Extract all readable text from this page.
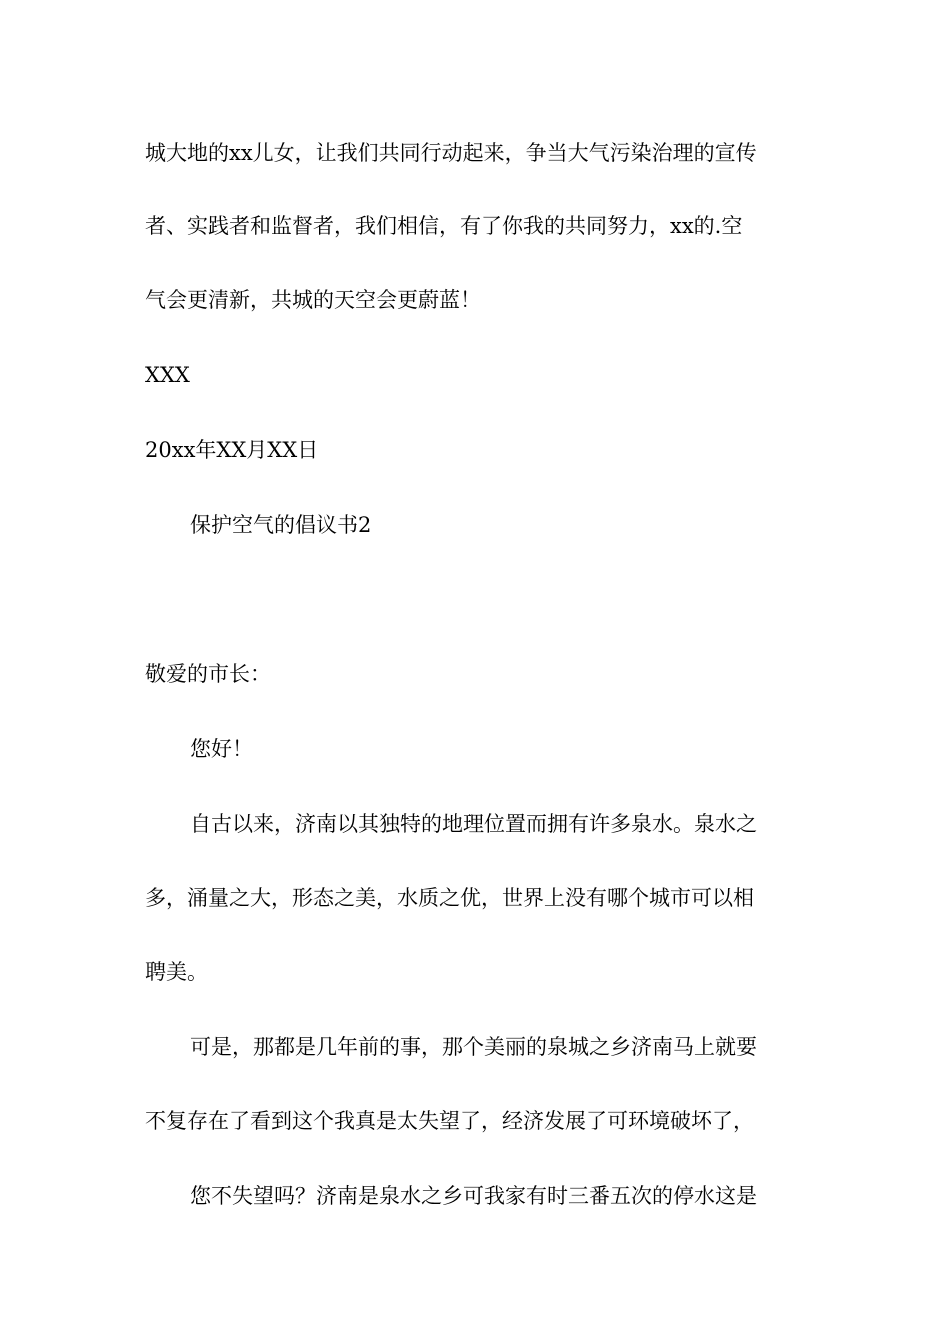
城大地的xx儿女，让我们共同行动起来，争当大气污染治理的宣传
者、实践者和监督者，我们相信，有了你我的共同努力，xx的.空
气会更清新，共城的天空会更蔚蓝！
XXX
20xx年XX月XX日
保护空气的倡议书2
敬爱的市长：
您好！
自古以来，济南以其独特的地理位置而拥有许多泉水。泉水之
多，涌量之大，形态之美，水质之优，世界上没有哪个城市可以相
聘美。
可是，那都是几年前的事，那个美丽的泉城之乡济南马上就要
不复存在了看到这个我真是太失望了，经济发展了可环境破坏了，
您不失望吗？济南是泉水之乡可我家有时三番五次的停水这是
